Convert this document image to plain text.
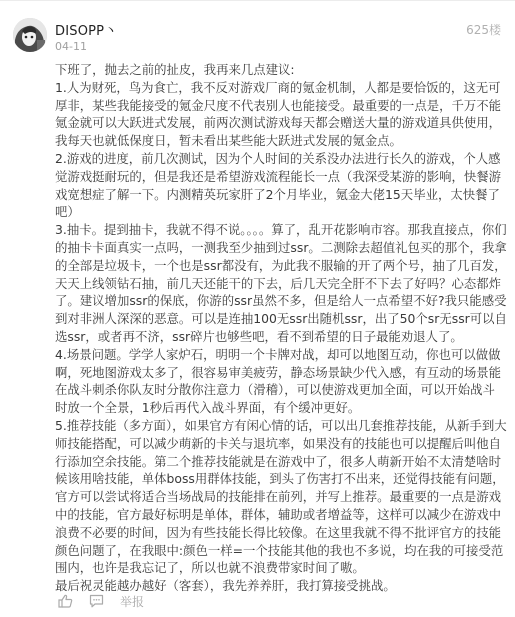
DISOPP丶
04-11
625楼

下班了，抛去之前的扯皮，我再来几点建议:

1.人为财死，鸟为食亡，我不反对游戏厂商的氪金机制，人都是要恰饭的，这无可厚非，某些我能接受的氪金尺度不代表别人也能接受。最重要的一点是，千万不能氪金就可以大跃进式发展，前两次测试游戏每天都会赠送大量的游戏道具供使用，我每天也就低保度日，暂未看出某些能大跃进式发展的氪金点。

2.游戏的进度，前几次测试，因为个人时间的关系没办法进行长久的游戏，个人感觉游戏挺耐玩的，但是我还是希望游戏流程能长一点（我深受某游的影响，快餐游戏宽想症了解一下。内测精英玩家肝了2个月毕业，氪金大佬15天毕业，太快餐了吧）

3.抽卡。提到抽卡，我就不得不说。。。。算了，乱开花影响市容。那我直接点，你们的抽卡卡面真实一点吗，一测我至少抽到过ssr。二测除去超值礼包买的那个，我拿的全部是垃圾卡，一个也是ssr都没有，为此我不服输的开了两个号，抽了几百发，天天上线领钻石抽，前几天还能干的下去，后几天完全肝不下去了好吗？心态都炸了。建议增加ssr的保底，你游的ssr虽然不多，但是给人一点希望不好?我只能感受到对非洲人深深的恶意。可以是连抽100无ssr出随机ssr，出了50个sr无ssr可以自选ssr，或者再不济，ssr碎片也够些吧，看不到希望的日子最能劝退人了。

4.场景问题。学学人家炉石，明明一个卡牌对战，却可以地图互动，你也可以做做啊，死地图游戏太多了，很容易审美疲劳，静态场景缺少代入感，有互动的场景能在战斗刺杀你队友时分散你注意力（滑稽），可以使游戏更加全面，可以开始战斗时放一个全景，1秒后再代入战斗界面，有个缓冲更好。

5.推荐技能（多方面），如果官方有闲心情的话，可以出几套推荐技能，从新手到大师技能搭配，可以减少萌新的卡关与退坑率，如果没有的技能也可以提醒后叫他自行添加空余技能。第二个推荐技能就是在游戏中了，很多人萌新开始不太清楚啥时候该用啥技能，单体boss用群体技能，到头了伤害打不出来，还觉得技能有问题，官方可以尝试将适合当场战局的技能排在前列，并写上推荐。最重要的一点是游戏中的技能，官方最好标明是单体，群体，辅助或者增益等，这样可以减少在游戏中浪费不必要的时间，因为有些技能长得比较像。在这里我就不得不批评官方的技能颜色问题了，在我眼中:颜色一样=一个技能其他的我也不多说，均在我的可接受范围内，也许是我忘记了，所以也就不浪费带家时间了嗷。

最后祝灵能越办越好（客套），我先养养肝，我打算接受挑战。

举报
